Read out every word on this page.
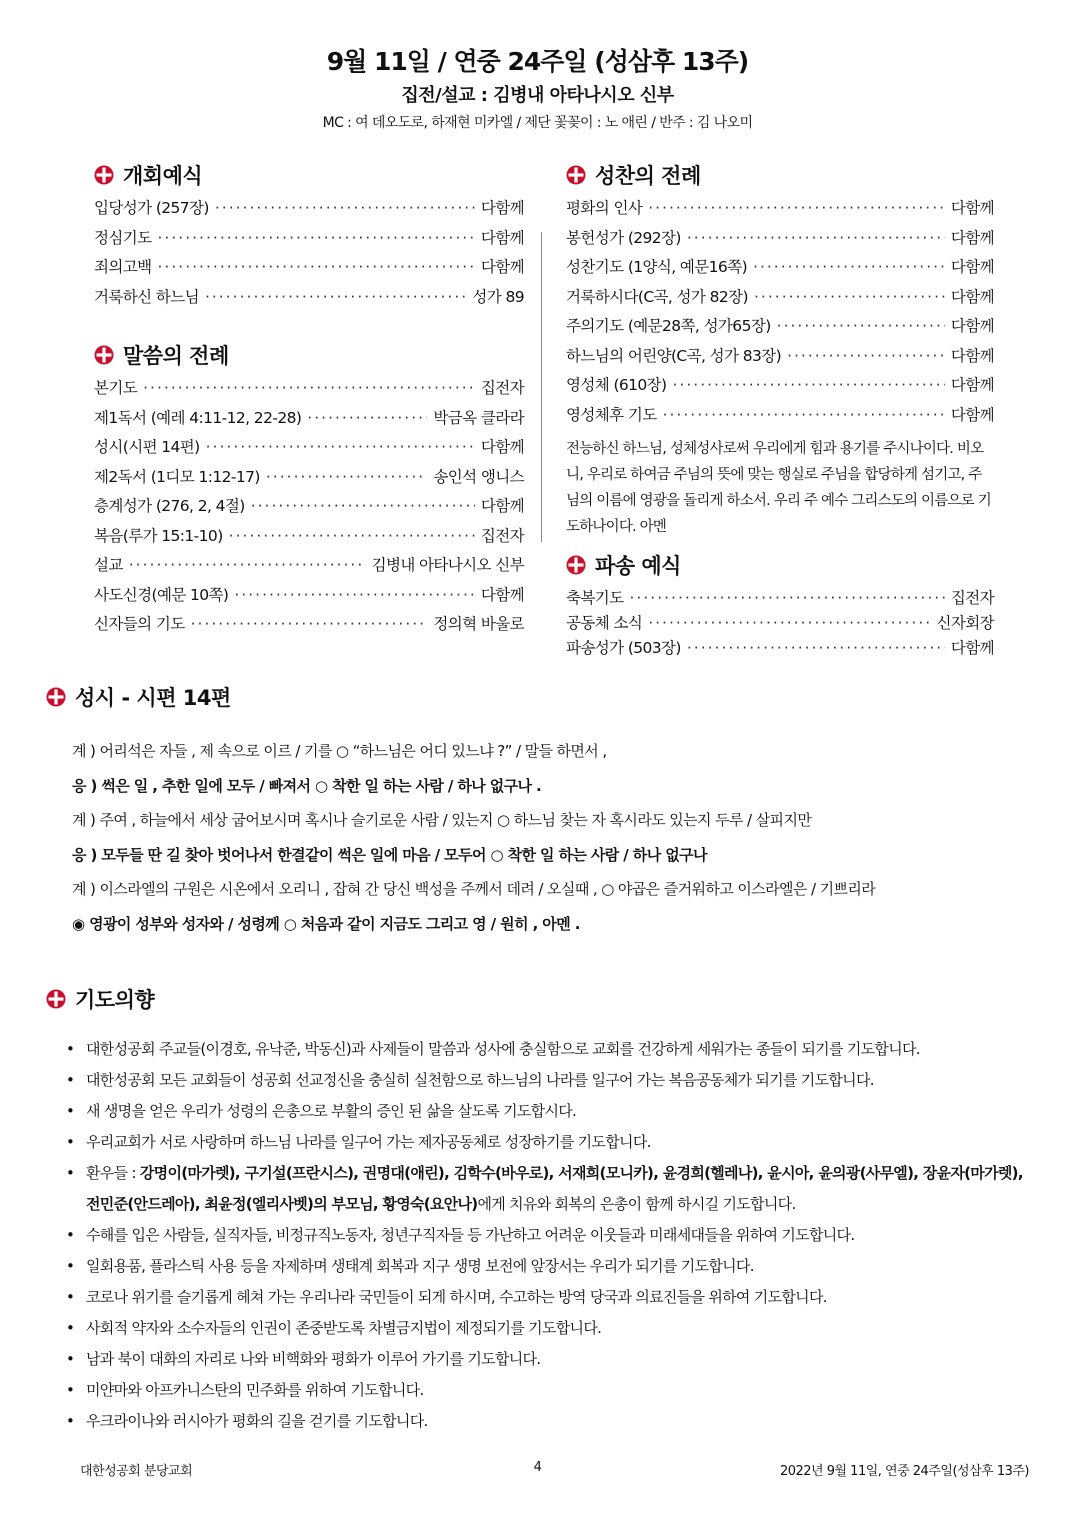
9월 11일 / 연중 24주일 (성삼후 13주)
집전/설교 : 김병내 아타나시오 신부
MC : 여 데오도로, 하재현 미카엘 / 제단 꽃꽂이 : 노 애린 / 반주 : 김 나오미
개회예식
입당성가 (257장) ·····	다함께
정심기도 ·····	다함께
죄의고백 ·····	다함께
거룩하신 하느님 ·····	성가 89
말씀의 전례
본기도 ·····	집전자
제1독서 (예레 4:11-12, 22-28) ·····	박금옥 클라라
성시(시편 14편) ·····	다함께
제2독서 (1디모 1:12-17) ·····	송인석 앵니스
층계성가 (276, 2, 4절) ·····	다함께
복음(루가 15:1-10) ·····	집전자
설교 ·····	김병내 아타나시오 신부
사도신경(예문 10쪽) ·····	다함께
신자들의 기도 ·····	정의혁 바울로
성찬의 전례
평화의 인사 ·····	다함께
봉헌성가 (292장) ·····	다함께
성찬기도 (1양식, 예문16쪽) ·····	다함께
거룩하시다(C곡, 성가 82장) ·····	다함께
주의기도 (예문28쪽, 성가65장) ·····	다함께
하느님의 어린양(C곡, 성가 83장) ·····	다함께
영성체 (610장) ·····	다함께
영성체후 기도 ·····	다함께
전능하신 하느님, 성체성사로써 우리에게 힘과 용기를 주시나이다. 비오니, 우리로 하여금 주님의 뜻에 맞는 행실로 주님을 합당하게 섬기고, 주님의 이름에 영광을 돌리게 하소서. 우리 주 예수 그리스도의 이름으로 기도하나이다. 아멘
파송 예식
축복기도 ·····	집전자
공동체 소식 ·····	신자회장
파송성가 (503장) ·····	다함께
성시 - 시편 14편
계 ) 어리석은 자들 , 제 속으로 이르 / 기를 ○ “하느님은 어디 있느냐 ?” / 말들 하면서 ,
응 ) 썩은 일 , 추한 일에 모두 / 빠져서 ○ 착한 일 하는 사람 / 하나 없구나 .
계 ) 주여 , 하늘에서 세상 굽어보시며 혹시나 슬기로운 사람 / 있는지 ○ 하느님 찾는 자 혹시라도 있는지 두루 / 살피지만
응 ) 모두들 딴 길 찾아 벗어나서 한결같이 썩은 일에 마음 / 모두어 ○ 착한 일 하는 사람 / 하나 없구나
계 ) 이스라엘의 구원은 시온에서 오리니 , 잡혀 간 당신 백성을 주께서 데려 / 오실때 , ○ 야곱은 즐거워하고 이스라엘은 / 기쁘리라
◉ 영광이 성부와 성자와 / 성령께 ○ 처음과 같이 지금도 그리고 영 / 원히 , 아멘 .
기도의향
• 대한성공회 주교들(이경호, 유낙준, 박동신)과 사제들이 말씀과 성사에 충실함으로 교회를 건강하게 세워가는 종들이 되기를 기도합니다.
• 대한성공회 모든 교회들이 성공회 선교정신을 충실히 실천함으로 하느님의 나라를 일구어 가는 복음공동체가 되기를 기도합니다.
• 새 생명을 얻은 우리가 성령의 은총으로 부활의 증인 된 삶을 살도록 기도합시다.
• 우리교회가 서로 사랑하며 하느님 나라를 일구어 가는 제자공동체로 성장하기를 기도합니다.
• 환우들 : 강명이(마가렛), 구기설(프란시스), 권명대(애린), 김학수(바우로), 서재희(모니카), 윤경희(헬레나), 윤시아, 윤의광(사무엘), 장윤자(마가렛), 전민준(안드레아), 최윤정(엘리사벳)의 부모님, 황영숙(요안나)에게 치유와 회복의 은총이 함께 하시길 기도합니다.
• 수해를 입은 사람들, 실직자들, 비정규직노동자, 청년구직자들 등 가난하고 어려운 이웃들과 미래세대들을 위하여 기도합니다.
• 일회용품, 플라스틱 사용 등을 자제하며 생태계 회복과 지구 생명 보전에 앞장서는 우리가 되기를 기도합니다.
• 코로나 위기를 슬기롭게 헤쳐 가는 우리나라 국민들이 되게 하시며, 수고하는 방역 당국과 의료진들을 위하여 기도합니다.
• 사회적 약자와 소수자들의 인권이 존중받도록 차별금지법이 제정되기를 기도합니다.
• 남과 북이 대화의 자리로 나와 비핵화와 평화가 이루어 가기를 기도합니다.
• 미얀마와 아프카니스탄의 민주화를 위하여 기도합니다.
• 우크라이나와 러시아가 평화의 길을 걷기를 기도합니다.
대한성공회 분당교회	4	2022년 9월 11일, 연중 24주일(성삼후 13주)
